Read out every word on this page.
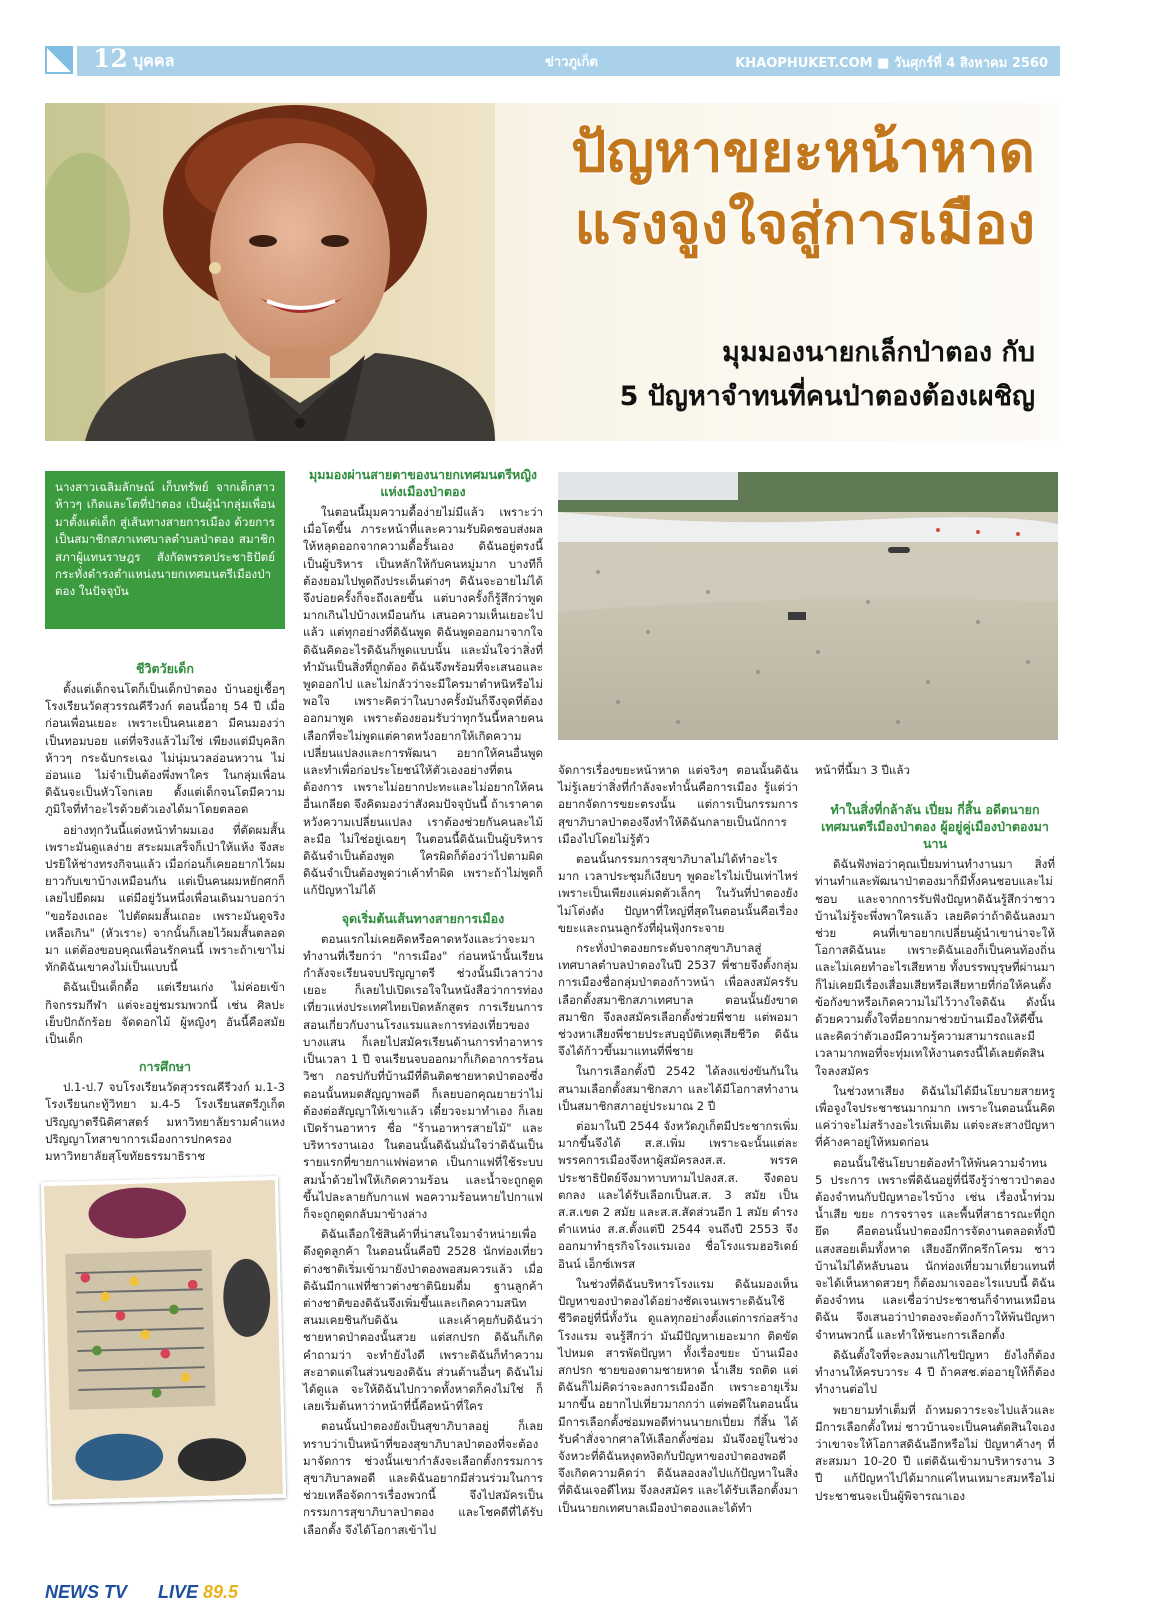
12 บุคคล	ข่าวภูเก็ต	KHAOPHUKET.COM ■ วันศุกร์ที่ 4 สิงหาคม 2560
ปัญหาขยะหน้าหาด
แรงจูงใจสู่การเมือง
มุมมองนายกเล็กป่าตอง กับ
5 ปัญหาจำทนที่คนป่าตองต้องเผชิญ
นางสาวเฉลิมลักษณ์ เก็บทรัพย์ จากเด็กสาวห้าวๆ เกิดและโตที่ป่าตอง เป็นผู้นำกลุ่มเพื่อนมาตั้งแต่เด็ก สู่เส้นทางสายการเมือง ด้วยการเป็นสมาชิกสภาเทศบาลตำบลป่าตอง สมาชิกสภาผู้แทนราษฎร สังกัดพรรคประชาธิปัตย์ กระทั่งดำรงตำแหน่งนายกเทศมนตรีเมืองป่าตอง ในปัจจุบัน
ชีวิตวัยเด็ก

ตั้งแต่เด็กจนโตก็เป็นเด็กป่าตอง บ้านอยู่เชื้อๆ โรงเรียนวัดสุวรรณคีรีวงก์ ตอนนี้อายุ 54 ปี เมื่อก่อนเพื่อนเยอะ เพราะเป็นคนเฮฮา มีคนมองว่าเป็นทอมบอย แต่ที่จริงแล้วไม่ใช่ เพียงแต่มีบุคลิกห้าวๆ กระฉับกระเฉง ไม่นุ่มนวลอ่อนหวาน ไม่อ่อนแอ ไม่จำเป็นต้องพึ่งพาใคร ในกลุ่มเพื่อนดิฉันจะเป็นหัวโจกเลย ตั้งแต่เด็กจนโตมีความภูมิใจที่ทำอะไรด้วยตัวเองได้มาโดยตลอด

อย่างทุกวันนี้แต่งหน้าทำผมเอง ที่ตัดผมสั้นเพราะมันดูแลง่าย สระผมเสร็จก็เป่าให้แห้ง จึงสะปรยิให้ช่างทรงกิจนแล้ว เมื่อก่อนก็เคยอยากไว้ผมยาวกับเขาบ้างเหมือนกัน แต่เป็นคนผมหยักศกก็เลยไปยืดผม แต่มีอยู่วันหนึ่งเพื่อนเดินมาบอกว่า "ขอร้องเถอะ ไปตัดผมสั้นเถอะ เพราะมันดูจริงเหลือเกิน" (หัวเราะ) จากนั้นก็เลยไว้ผมสั้นตลอดมา แต่ต้องขอบคุณเพื่อนรักคนนี้ เพราะถ้าเขาไม่ทักดิฉันเขาคงไม่เป็นแบบนี้

ดิฉันเป็นเด็กดื้อ แต่เรียนเก่ง ไม่ค่อยเข้ากิจกรรมกีฬา แต่จะอยู่ชมรมพวกนี้ เช่น ศิลปะ เย็บปักถักร้อย จัดดอกไม้ ผู้หญิงๆ อันนี้คือสมัยเป็นเด็ก

การศึกษา

ป.1-ป.7 จบโรงเรียนวัดสุวรรณคีรีวงก์ ม.1-3 โรงเรียนกะทู้วิทยา ม.4-5 โรงเรียนสตรีภูเก็ต ปริญญาตรีนิติศาสตร์ มหาวิทยาลัยรามคำแหง ปริญญาโทสาขาการเมืองการปกครอง มหาวิทยาลัยสุโขทัยธรรมาธิราช

มุมมองผ่านสายตาของนายกเทศมนตรีหญิงแห่งเมืองป่าตอง

ในตอนนี้มุมความดื้อง่ายไม่มีแล้ว เพราะว่าเมื่อโตขึ้น ภาระหน้าที่และความรับผิดชอบส่งผลให้หลุดออกจากความดื้อรั้นเอง ดิฉันอยู่ตรงนี้ เป็นผู้บริหาร เป็นหลักให้กับคนหมู่มาก บางทีก็ต้องยอมไปพูดถึงประเด็นต่างๆ ดิฉันจะอายไม่ได้ จึงบ่อยครั้งก็จะถึงเลยขึ้น แต่บางครั้งก็รู้สึกว่าพูดมากเกินไปบ้างเหมือนกัน เสนอความเห็นเยอะไปแล้ว แต่ทุกอย่างที่ดิฉันพูด ดิฉันพูดออกมาจากใจ ดิฉันคิดอะไรดิฉันก็พูดแบบนั้น และมั่นใจว่าสิ่งที่ทำมันเป็นสิ่งที่ถูกต้อง ดิฉันจึงพร้อมที่จะเสนอและพูดออกไป และไม่กลัวว่าจะมีใครมาตำหนิหรือไม่พอใจ เพราะคิดว่าในบางครั้งมันก็จึงจุดที่ต้องออกมาพูด เพราะต้องยอมรับว่าทุกวันนี้หลายคนเลือกที่จะไม่พูดแต่คาดหวังอยากให้เกิดความเปลี่ยนแปลงและการพัฒนา อยากให้คนอื่นพูดและทำเพื่อก่อประโยชน์ให้ตัวเองอย่างที่ตนต้องการ เพราะไม่อยากปะทะและไม่อยากให้คนอื่นเกลียด จึงคิดมองว่าสังคมปัจจุบันนี้ ถ้าเราคาดหวังความเปลี่ยนแปลง เราต้องช่วยกันคนละไม้ละมือ ไม่ใช่อยู่เฉยๆ ในตอนนี้ดิฉันเป็นผู้บริหารดิฉันจำเป็นต้องพูด ใครผิดก็ต้องว่าไปตามผิด ดิฉันจำเป็นต้องพูดว่าเค้าทำผิด เพราะถ้าไม่พูดก็แก้ปัญหาไม่ได้

จุดเริ่มต้นเส้นทางสายการเมือง

ตอนแรกไม่เคยคิดหรือคาดหวังและว่าจะมาทำงานที่เรียกว่า "การเมือง" ก่อนหน้านั้นเรียนกำลังจะเรียนจบปริญญาตรี ช่วงนั้นมีเวลาว่างเยอะ ก็เลยไปเปิดเรอใจในหนังสือว่าการท่องเที่ยวแห่งประเทศไทยเปิดหลักสูตร การเรียนการสอนเกี่ยวกับงานโรงแรมและการท่องเที่ยวของบางแสน ก็เลยไปสมัครเรียนด้านการทำอาหาร เป็นเวลา 1 ปี จนเรียนจบออกมาก็เกิดอาการร้อนวิชา กอรปกับที่บ้านมีที่ดินติดชายหาดป่าตองซึ่งตอนนั้นหมดสัญญาพอดี ก็เลยบอกคุณยายว่าไม่ต้องต่อสัญญาให้เขาแล้ว เดี๋ยวจะมาทำเอง ก็เลยเปิดร้านอาหาร ชื่อ "ร้านอาหารสายไม้" และบริหารงานเอง ในตอนนั้นดิฉันมั่นใจว่าดิฉันเป็นรายแรกที่ขายกาแฟพ่อหาด เป็นกาแฟที่ใช้ระบบสมน้ำด้วยไฟให้เกิดความร้อน และน้ำจะถูกดูดขึ้นไปละลายกับกาแฟ พอความร้อนหายไปกาแฟก็จะถูกดูดกลับมาข้างล่าง

ดิฉันเลือกใช้สินค้าที่น่าสนใจมาจำหน่ายเพื่อดึงดูดลูกค้า ในตอนนั้นคือปี 2528 นักท่องเที่ยวต่างชาติเริ่มเข้ามายังป่าตองพอสมควรแล้ว เมื่อดิฉันมีกาแฟที่ชาวต่างชาตินิยมดื่ม ฐานลูกค้าต่างชาติของดิฉันจึงเพิ่มขึ้นและเกิดความสนิทสนมเคยชินกับดิฉัน และเค้าคุยกับดิฉันว่า ชายหาดป่าตองนั้นสวย แต่สกปรก ดิฉันก็เกิดคำถามว่า จะทำยังไงดี เพราะดิฉันก็ทำความสะอาดแต่ในส่วนของดิฉัน ส่วนด้านอื่นๆ ดิฉันไม่ได้ดูแล จะให้ดิฉันไปกวาดทั้งหาดก็คงไม่ใช่ ก็เลยเริ่มต้นหาว่าหน้าที่นี้คือหน้าที่ใคร

ตอนนั้นป่าตองยังเป็นสุขาภิบาลอยู่ ก็เลยทราบว่าเป็นหน้าที่ของสุขาภิบาลป่าตองที่จะต้องมาจัดการ ช่วงนั้นเขากำลังจะเลือกตั้งกรรมการสุขาภิบาลพอดี และดิฉันอยากมีส่วนร่วมในการช่วยเหลือจัดการเรื่องพวกนี้ จึงไปสมัครเป็นกรรมการสุขาภิบาลป่าตอง และโชคดีที่ได้รับเลือกตั้ง จึงได้โอกาสเข้าไป

จัดการเรื่องขยะหน้าหาด แต่จริงๆ ตอนนั้นดิฉันไม่รู้เลยว่าสิ่งที่กำลังจะทำนั้นคือการเมือง รู้แต่ว่าอยากจัดการขยะตรงนั้น แต่การเป็นกรรมการสุขาภิบาลป่าตองจึงทำให้ดิฉันกลายเป็นนักการเมืองไปโดยไม่รู้ตัว

ตอนนั้นกรรมการสุขาภิบาลไม่ได้ทำอะไรมาก เวลาประชุมก็เงียบๆ พูดอะไรไม่เป็นเท่าไหร่ เพราะเป็นเพียงแค่มดตัวเล็กๆ ในวันที่ป่าตองยังไม่โด่งดัง ปัญหาที่ใหญ่ที่สุดในตอนนั้นคือเรื่องขยะและถนนลูกรังที่ฝุ่นฟุ้งกระจาย

กระทั่งป่าตองยกระดับจากสุขาภิบาลสู่เทศบาลตำบลป่าตองในปี 2537 พี่ชายจึงตั้งกลุ่มการเมืองชื่อกลุ่มป่าตองก้าวหน้า เพื่อลงสมัครรับเลือกตั้งสมาชิกสภาเทศบาล ตอนนั้นยังขาดสมาชิก จึงลงสมัครเลือกตั้งช่วยพี่ชาย แต่พอมาช่วงหาเสียงพี่ชายประสบอุบัติเหตุเสียชีวิต ดิฉันจึงได้ก้าวขึ้นมาแทนที่พี่ชาย

ในการเลือกตั้งปี 2542 ได้ลงแข่งขันกันในสนามเลือกตั้งสมาชิกสภา และได้มีโอกาสทำงานเป็นสมาชิกสภาอยู่ประมาณ 2 ปี

ต่อมาในปี 2544 จังหวัดภูเก็ตมีประชากรเพิ่มมากขึ้นจึงได้ ส.ส.เพิ่ม เพราะฉะนั้นแต่ละพรรคการเมืองจึงหาผู้สมัครลงส.ส. พรรคประชาธิปัตย์จึงมาทาบทามไปลงส.ส. จึงตอบตกลง และได้รับเลือกเป็นส.ส. 3 สมัย เป็นส.ส.เขต 2 สมัย และส.ส.สัดส่วนอีก 1 สมัย ดำรงตำแหน่ง ส.ส.ตั้งแต่ปี 2544 จนถึงปี 2553 จึงออกมาทำธุรกิจโรงแรมเอง ชื่อโรงแรมฮอริเดย์ อินน์ เอ็กซ์เพรส

ในช่วงที่ดิฉันบริหารโรงแรม ดิฉันมองเห็นปัญหาของป่าตองได้อย่างชัดเจนเพราะดิฉันใช้ชีวิตอยู่ที่นี่ทั้งวัน ดูแลทุกอย่างตั้งแต่การก่อสร้างโรงแรม จนรู้สึกว่า มันมีปัญหาเยอะมาก ติดขัดไปหมด สารพัดปัญหา ทั้งเรื่องขยะ บ้านเมืองสกปรก ชายของตามชายหาด น้ำเสีย รถติด แต่ดิฉันก็ไม่คิดว่าจะลงการเมืองอีก เพราะอายุเริ่มมากขึ้น อยากไปเที่ยวมากกว่า แต่พอดีในตอนนั้นมีการเลือกตั้งซ่อมพอดีท่านนายกเปี่ยม กี่สิ้น ได้รับคำสั่งจากศาลให้เลือกตั้งซ่อม มันจึงอยู่ในช่วงจังหวะที่ดิฉันหงุดหงิดกับปัญหาของป่าตองพอดี จึงเกิดความคิดว่า ดิฉันลองลงไปแก้ปัญหาในสิ่งที่ดิฉันเจอดีไหม จึงลงสมัคร และได้รับเลือกตั้งมาเป็นนายกเทศบาลเมืองป่าตองและได้ทำ

หน้าที่นี้มา 3 ปีแล้ว

ทำในสิ่งที่กล้าลัน เปี่ยม กี่สิ้น อดีตนายกเทศมนตรีเมืองป่าตอง ผู้อยู่คู่เมืองป่าตองมานาน

ดิฉันฟังพ่อว่าคุณเปี่ยมท่านทำงานมา สิ่งที่ท่านทำและพัฒนาป่าตองมาก็มีทั้งคนชอบและไม่ชอบ และจากการรับฟังปัญหาดิฉันรู้สึกว่าชาวบ้านไม่รู้จะพึ่งพาใครแล้ว เลยคิดว่าถ้าดิฉันลงมาช่วย คนที่เขาอยากเปลี่ยนผู้นำเขาน่าจะให้โอกาสดิฉันนะ เพราะดิฉันเองก็เป็นคนท้องถิ่นและไม่เคยทำอะไรเสียหาย ทั้งบรรพบุรุษที่ผ่านมาก็ไม่เคยมีเรื่องเสื่อมเสียหรือเสียหายที่ก่อให้คนตั้งข้อกังขาหรือเกิดความไม่ไว้วางใจดิฉัน ดังนั้นด้วยความตั้งใจที่อยากมาช่วยบ้านเมืองให้ดีขึ้น และคิดว่าตัวเองมีความรู้ความสามารถและมีเวลามากพอที่จะทุ่มเทให้งานตรงนี้ได้เลยตัดสินใจลงสมัคร

ในช่วงหาเสียง ดิฉันไม่ได้มีนโยบายสายหรูเพื่อจูงใจประชาชนมากมาก เพราะในตอนนั้นคิดแค่ว่าจะไม่สร้างอะไรเพิ่มเติม แต่จะสะสางปัญหาที่ค้างคาอยู่ให้หมดก่อน

ตอนนั้นใช้นโยบายต้องทำให้พ้นความจำทน 5 ประการ เพราะพี่ดิฉันอยู่ที่นี่จึงรู้ว่าชาวป่าตองต้องจำทนกับปัญหาอะไรบ้าง เช่น เรื่องน้ำท่วม น้ำเสีย ขยะ การจราจร และพื้นที่สาธารณะที่ถูกยึด คือตอนนั้นป่าตองมีการจัดงานตลอดทั้งปี แสงสอยเต็มทั้งหาด เสียงอึกทึกครึกโครม ชาวบ้านไม่ได้หลับนอน นักท่องเที่ยวมาเที่ยวแทนที่จะได้เห็นหาดสวยๆ ก็ต้องมาเจออะไรแบบนี้ ดิฉันต้องจำทน และเชื่อว่าประชาชนก็จำทนเหมือนดิฉัน จึงเสนอว่าป่าตองจะต้องก้าวให้พ้นปัญหาจำทนพวกนี้ และทำให้ชนะการเลือกตั้ง

ดิฉันตั้งใจที่จะลงมาแก้ไขปัญหา ยังไงก็ต้องทำงานให้ครบวาระ 4 ปี ถ้าคสช.ต่ออายุให้ก็ต้องทำงานต่อไป

พยายามทำเต็มที่ ถ้าหมดวาระจะไปแล้วและมีการเลือกตั้งใหม่ ชาวบ้านจะเป็นคนตัดสินใจเองว่าเขาจะให้โอกาสดิฉันอีกหรือไม่ ปัญหาค้างๆ ที่สะสมมา 10-20 ปี แต่ดิฉันเข้ามาบริหารงาน 3 ปี แก้ปัญหาไปได้มากแค่ไหนเหมาะสมหรือไม่ ประชาชนจะเป็นผู้พิจารณาเอง

NEWS TV LIVE 89.5
